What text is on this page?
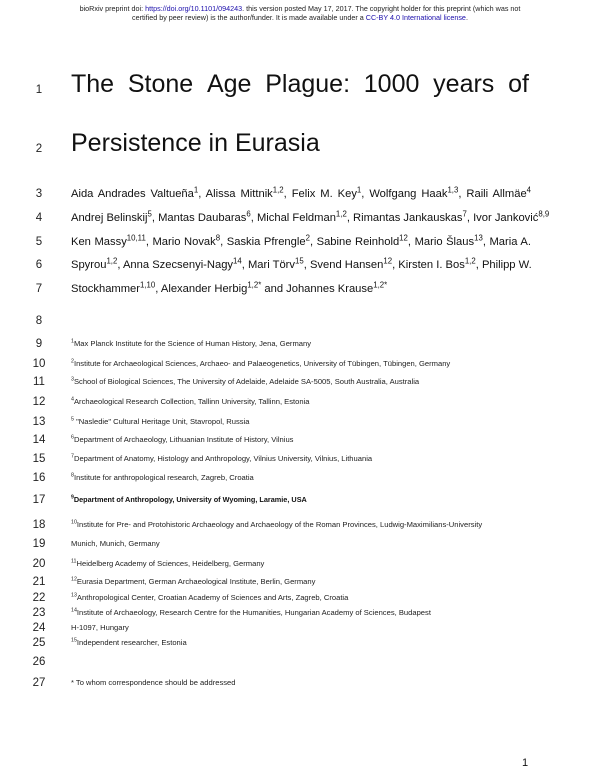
bioRxiv preprint doi: https://doi.org/10.1101/094243. this version posted May 17, 2017. The copyright holder for this preprint (which was not
certified by peer review) is the author/funder. It is made available under a CC-BY 4.0 International license.
1
2
3
4
5
6
7
8
9
10
11
12
13
14
15
16
17
18
19
20
21
22
23
24
25
26
27
The Stone Age Plague: 1000 years of
Persistence in Eurasia
Aida Andrades Valtueña$^1$, Alissa Mittnik$^{1,2}$, Felix M. Key$^1$, Wolfgang Haak$^{1,3}$, Raili Allmäe$^4$
Andrej Belinskij$^5$, Mantas Daubaras$^6$, Michal Feldman$^{1,2}$, Rimantas Jankauskas$^7$, Ivor Janković$^{8,9}$
Ken Massy$^{10,11}$, Mario Novak$^8$, Saskia Pfrengle$^2$, Sabine Reinhold$^{12}$, Mario Šlaus$^{13}$, Maria A.
Spyrou$^{1,2}$, Anna Szecsenyi-Nagy$^{14}$, Mari Törv$^{15}$, Svend Hansen$^{12}$, Kirsten I. Bos$^{1,2}$, Philipp W.
Stockhammer$^{1,10}$, Alexander Herbig$^{1,2*}$ and Johannes Krause$^{1,2*}$
$^1$Max Planck Institute for the Science of Human History, Jena, Germany
$^2$Institute for Archaeological Sciences, Archaeo- and Palaeogenetics, University of Tübingen, Tübingen, Germany
$^3$School of Biological Sciences, The University of Adelaide, Adelaide SA-5005, South Australia, Australia
$^4$Archaeological Research Collection, Tallinn University, Tallinn, Estonia
$^5$ "Nasledie" Cultural Heritage Unit, Stavropol, Russia
$^6$Department of Archaeology, Lithuanian Institute of History, Vilnius
$^7$Department of Anatomy, Histology and Anthropology, Vilnius University, Vilnius, Lithuania
$^8$Institute for anthropological research, Zagreb, Croatia
$^9$Department of Anthropology, University of Wyoming, Laramie, USA
$^{10}$Institute for Pre- and Protohistoric Archaeology and Archaeology of the Roman Provinces, Ludwig-Maximilians-University
Munich, Munich, Germany
$^{11}$Heidelberg Academy of Sciences, Heidelberg, Germany
$^{12}$Eurasia Department, German Archaeological Institute, Berlin, Germany
$^{13}$Anthropological Center, Croatian Academy of Sciences and Arts, Zagreb, Croatia
$^{14}$Institute of Archaeology, Research Centre for the Humanities, Hungarian Academy of Sciences, Budapest
H-1097, Hungary
$^{15}$Independent researcher, Estonia
* To whom correspondence should be addressed
1
